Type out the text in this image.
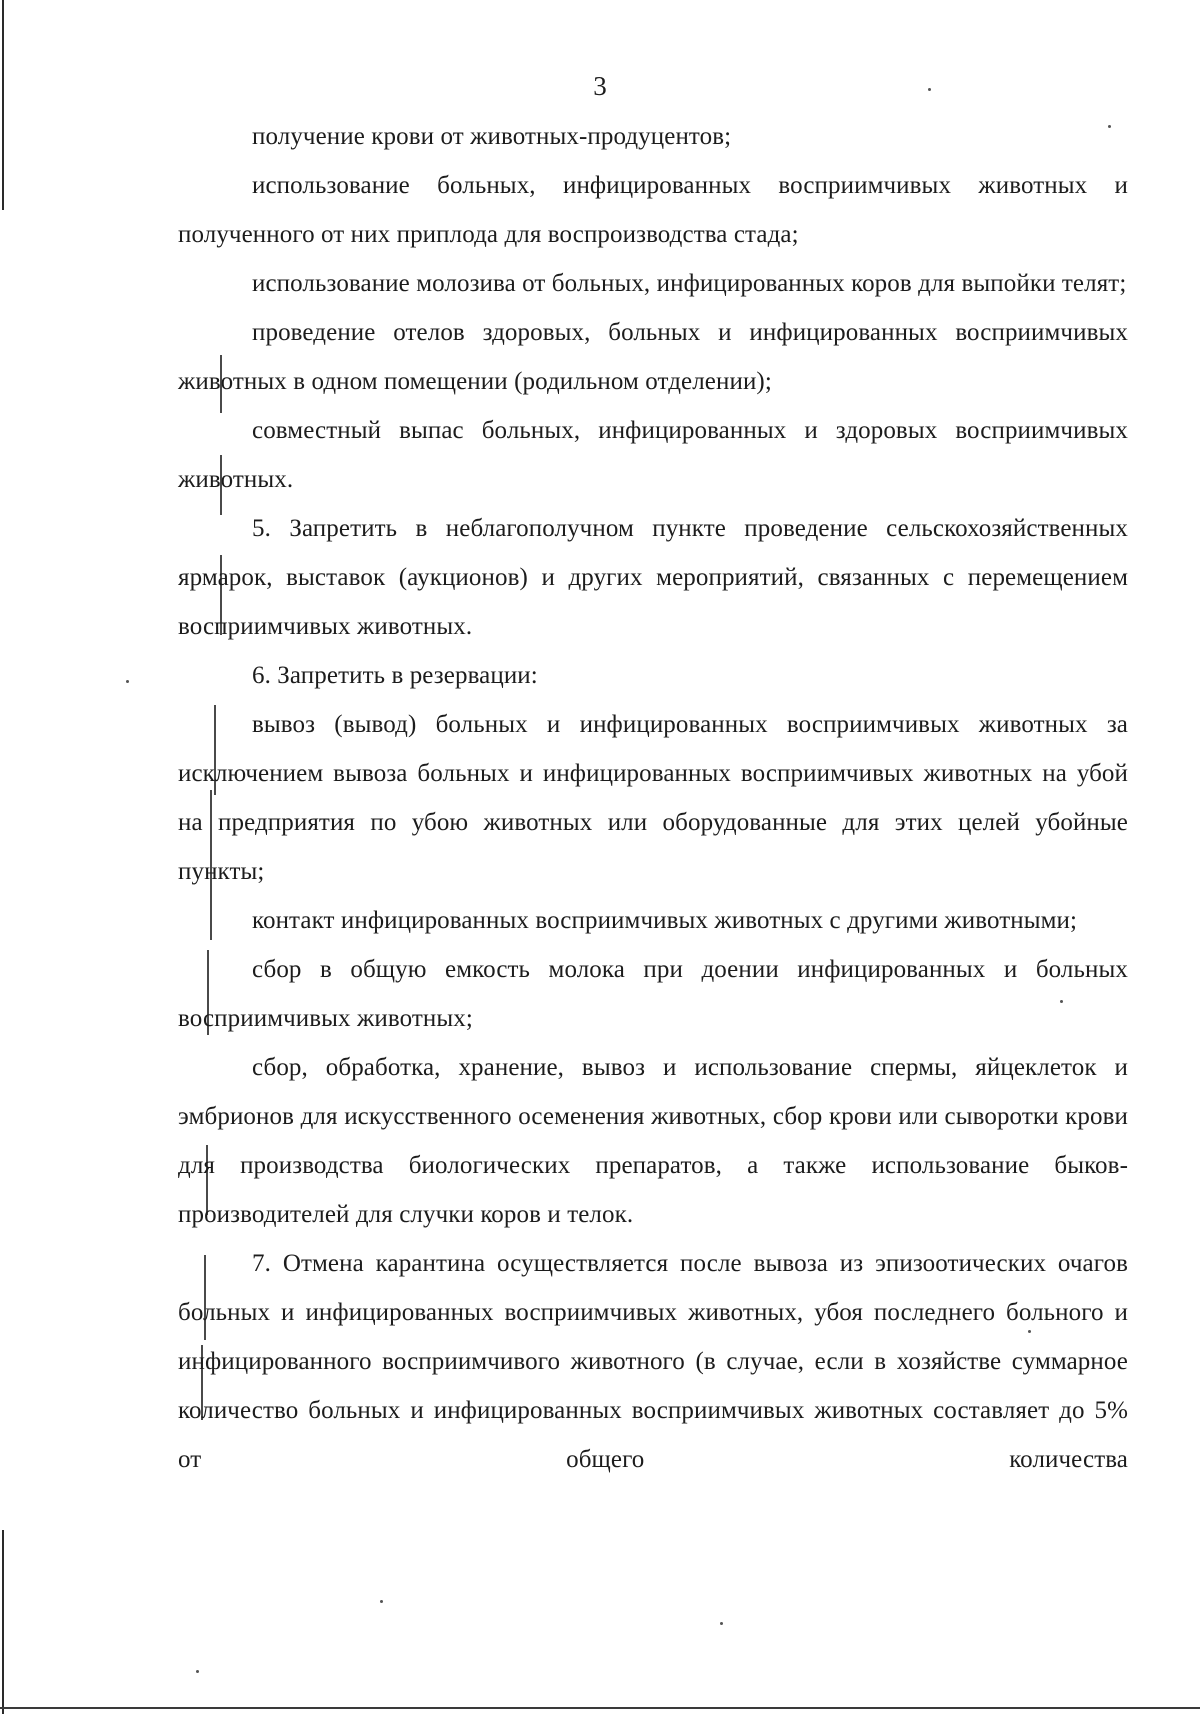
3

получение крови от животных-продуцентов;

использование больных, инфицированных восприимчивых животных и полученного от них приплода для воспроизводства стада;

использование молозива от больных, инфицированных коров для выпойки телят;

проведение отелов здоровых, больных и инфицированных восприимчивых животных в одном помещении (родильном отделении);

совместный выпас больных, инфицированных и здоровых восприимчивых животных.

5. Запретить в неблагополучном пункте проведение сельскохозяйственных ярмарок, выставок (аукционов) и других мероприятий, связанных с перемещением восприимчивых животных.

6. Запретить в резервации:

вывоз (вывод) больных и инфицированных восприимчивых животных за исключением вывоза больных и инфицированных восприимчивых животных на убой на предприятия по убою животных или оборудованные для этих целей убойные пункты;

контакт инфицированных восприимчивых животных с другими животными;

сбор в общую емкость молока при доении инфицированных и больных восприимчивых животных;

сбор, обработка, хранение, вывоз и использование спермы, яйцеклеток и эмбрионов для искусственного осеменения животных, сбор крови или сыворотки крови для производства биологических препаратов, а также использование быков-производителей для случки коров и телок.

7. Отмена карантина осуществляется после вывоза из эпизоотических очагов больных и инфицированных восприимчивых животных, убоя последнего больного и инфицированного восприимчивого животного (в случае, если в хозяйстве суммарное количество больных и инфицированных восприимчивых животных составляет до 5% от общего количества
